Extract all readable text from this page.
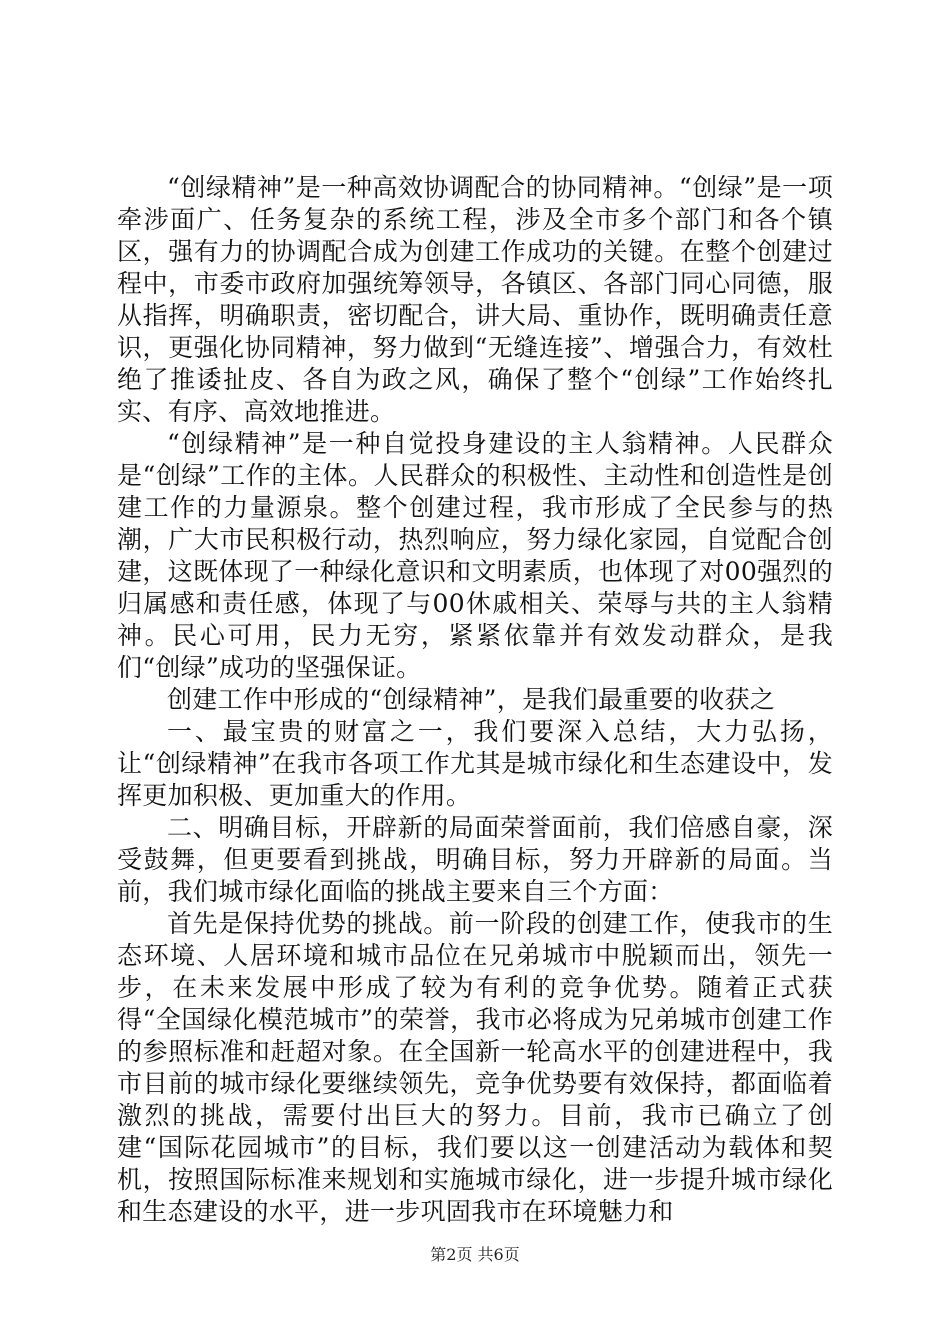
“创绿精神”是一种高效协调配合的协同精神。“创绿”是一项牵涉面广、任务复杂的系统工程，涉及全市多个部门和各个镇区，强有力的协调配合成为创建工作成功的关键。在整个创建过程中，市委市政府加强统筹领导，各镇区、各部门同心同德，服从指挥，明确职责，密切配合，讲大局、重协作，既明确责任意识，更强化协同精神，努力做到“无缝连接”、增强合力，有效杜绝了推诿扯皮、各自为政之风，确保了整个“创绿”工作始终扎实、有序、高效地推进。

“创绿精神”是一种自觉投身建设的主人翁精神。人民群众是“创绿”工作的主体。人民群众的积极性、主动性和创造性是创建工作的力量源泉。整个创建过程，我市形成了全民参与的热潮，广大市民积极行动，热烈响应，努力绿化家园，自觉配合创建，这既体现了一种绿化意识和文明素质，也体现了对00强烈的归属感和责任感，体现了与00休戚相关、荣辱与共的主人翁精神。民心可用，民力无穷，紧紧依靠并有效发动群众，是我们“创绿”成功的坚强保证。

创建工作中形成的“创绿精神”，是我们最重要的收获之

一、最宝贵的财富之一，我们要深入总结，大力弘扬，让“创绿精神”在我市各项工作尤其是城市绿化和生态建设中，发挥更加积极、更加重大的作用。

二、明确目标，开辟新的局面荣誉面前，我们倍感自豪，深受鼓舞，但更要看到挑战，明确目标，努力开辟新的局面。当前，我们城市绿化面临的挑战主要来自三个方面：

首先是保持优势的挑战。前一阶段的创建工作，使我市的生态环境、人居环境和城市品位在兄弟城市中脱颖而出，领先一步，在未来发展中形成了较为有利的竞争优势。随着正式获得“全国绿化模范城市”的荣誉，我市必将成为兄弟城市创建工作的参照标准和赶超对象。在全国新一轮高水平的创建进程中，我市目前的城市绿化要继续领先，竞争优势要有效保持，都面临着激烈的挑战，需要付出巨大的努力。目前，我市已确立了创建“国际花园城市”的目标，我们要以这一创建活动为载体和契机，按照国际标准来规划和实施城市绿化，进一步提升城市绿化和生态建设的水平，进一步巩固我市在环境魅力和

第2页 共6页
